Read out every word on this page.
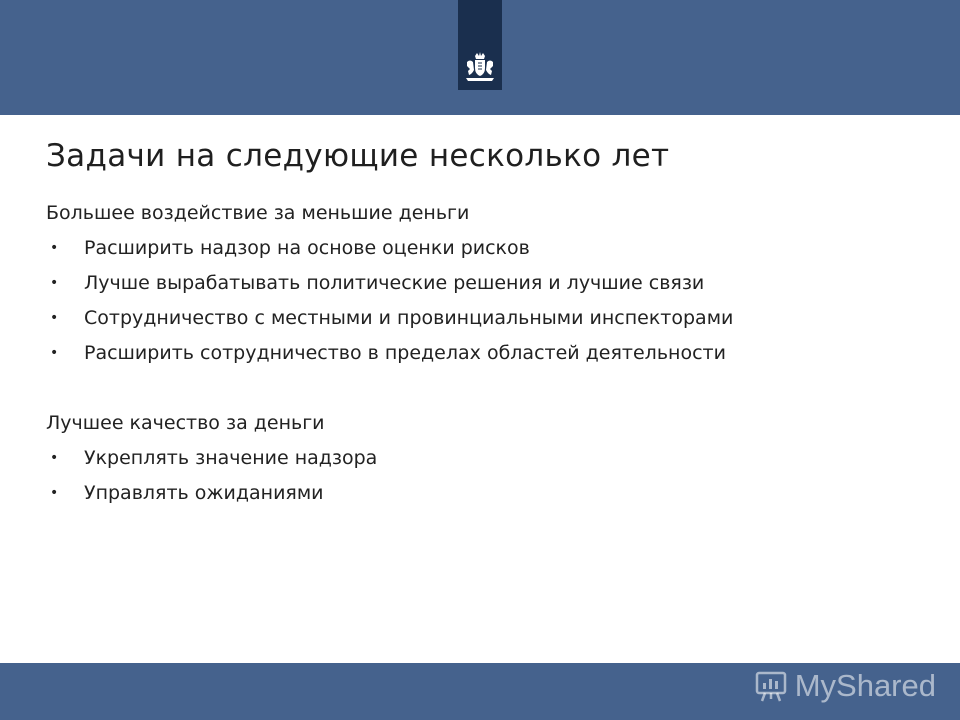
Задачи на следующие несколько лет

Большее воздействие за меньшие деньги

• Расширить надзор на основе оценки рисков
• Лучше вырабатывать политические решения и лучшие связи
• Сотрудничество с местными и провинциальными инспекторами
• Расширить сотрудничество в пределах областей деятельности

Лучшее качество за деньги

• Укреплять значение надзора
• Управлять ожиданиями
MyShared
